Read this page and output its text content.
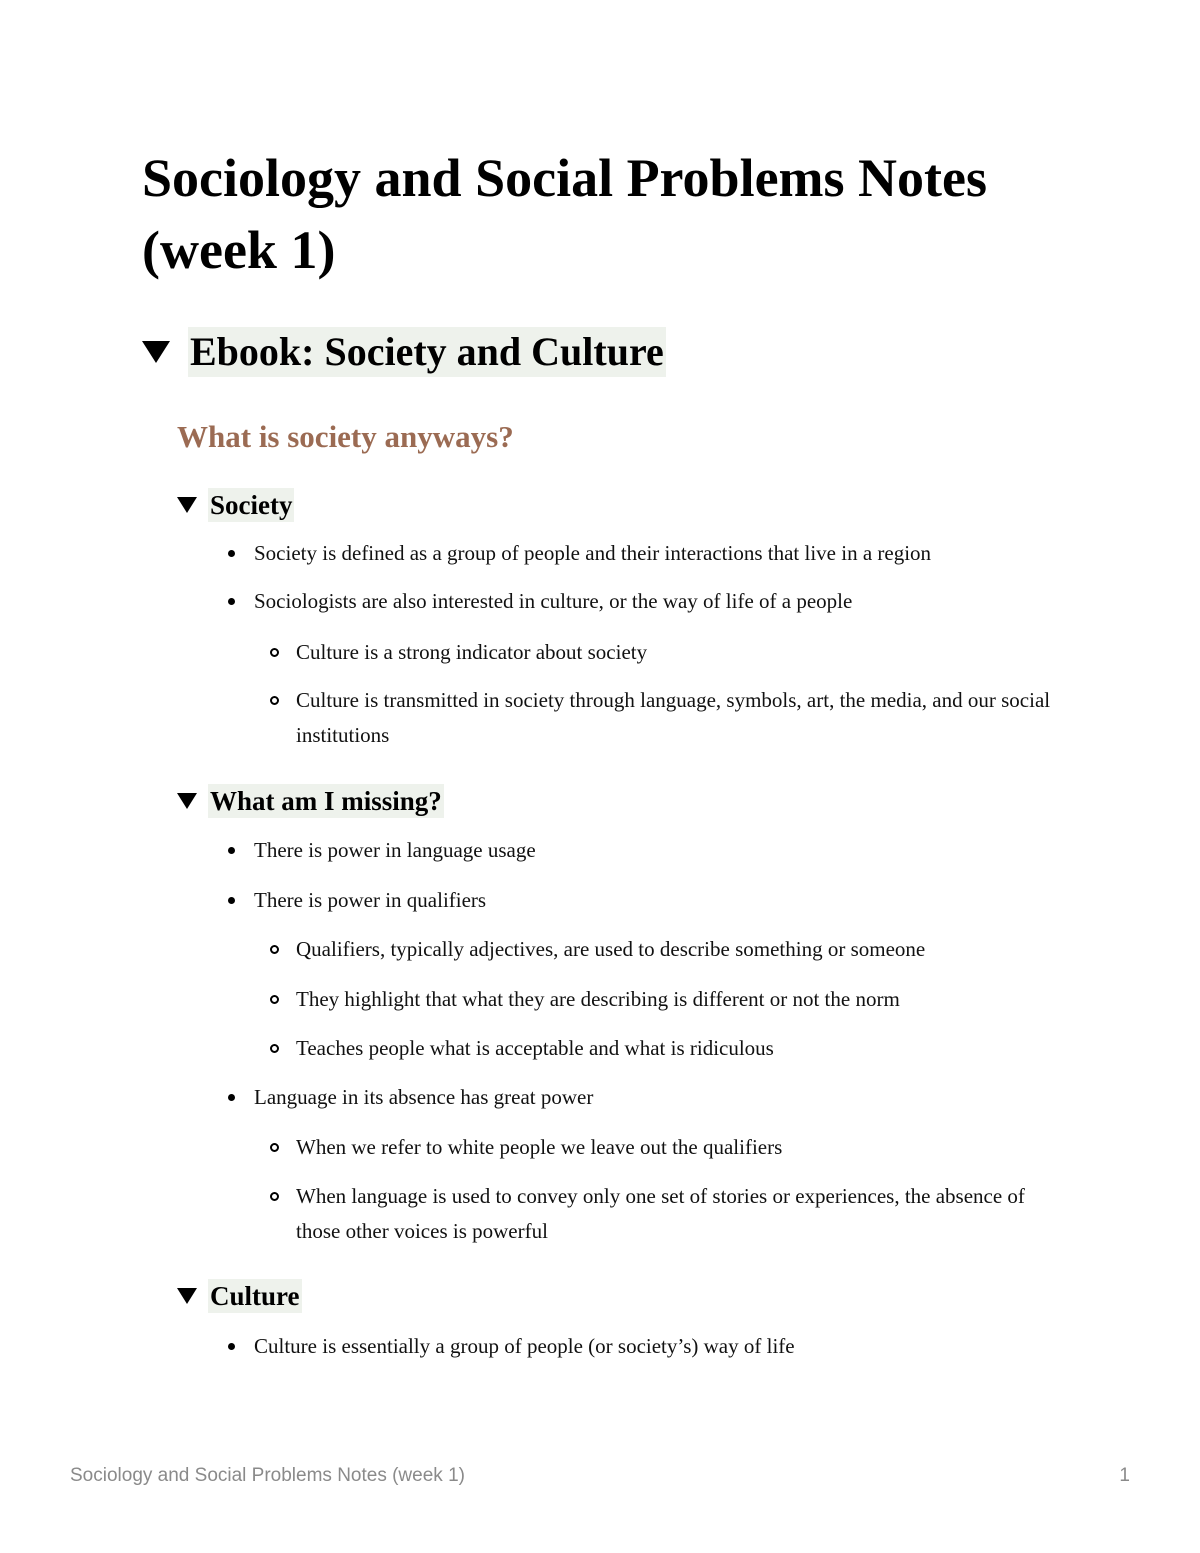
Sociology and Social Problems Notes (week 1)
Ebook: Society and Culture
What is society anyways?
Society

Society is defined as a group of people and their interactions that live in a region

Sociologists are also interested in culture, or the way of life of a people

Culture is a strong indicator about society

Culture is transmitted in society through language, symbols, art, the media, and our social institutions

What am I missing?

There is power in language usage

There is power in qualifiers

Qualifiers, typically adjectives, are used to describe something or someone

They highlight that what they are describing is different or not the norm

Teaches people what is acceptable and what is ridiculous

Language in its absence has great power

When we refer to white people we leave out the qualifiers

When language is used to convey only one set of stories or experiences, the absence of those other voices is powerful

Culture

Culture is essentially a group of people (or society’s) way of life

Sociology and Social Problems Notes (week 1)	1
